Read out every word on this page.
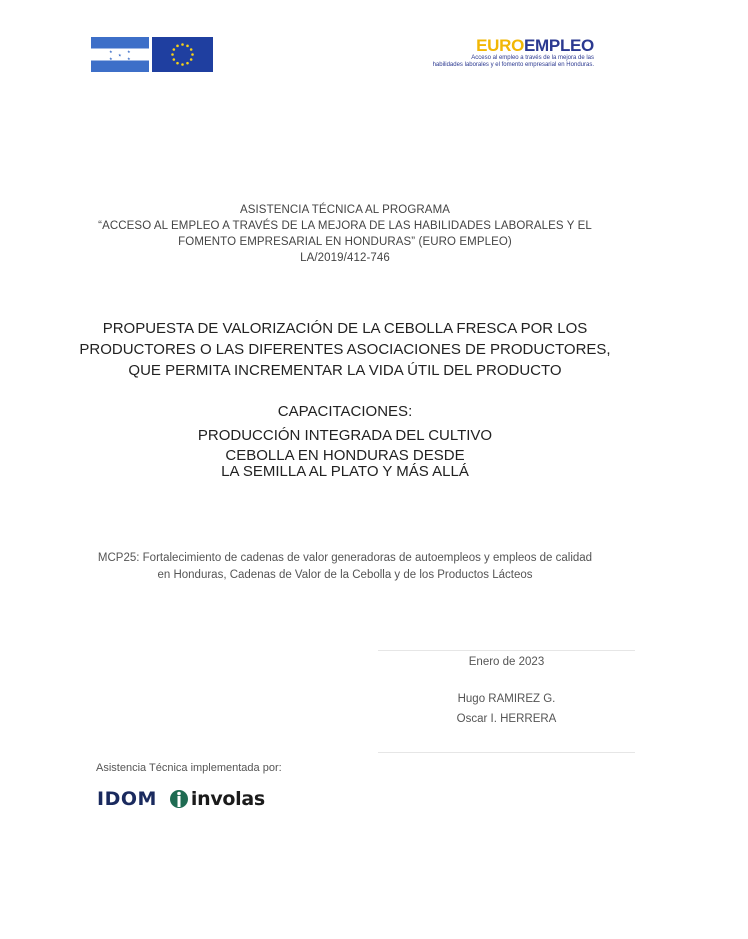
★	★
★
★	★
EUROEMPLEO
Acceso al empleo a través de la mejora de las
habilidades laborales y el fomento empresarial en Honduras.
ASISTENCIA TÉCNICA AL PROGRAMA
“ACCESO AL EMPLEO A TRAVÉS DE LA MEJORA DE LAS HABILIDADES LABORALES Y EL
FOMENTO EMPRESARIAL EN HONDURAS” (EURO EMPLEO)
LA/2019/412-746
PROPUESTA DE VALORIZACIÓN DE LA CEBOLLA FRESCA POR LOS
PRODUCTORES O LAS DIFERENTES ASOCIACIONES DE PRODUCTORES,
QUE PERMITA INCREMENTAR LA VIDA ÚTIL DEL PRODUCTO
CAPACITACIONES:
PRODUCCIÓN INTEGRADA DEL CULTIVO
CEBOLLA EN HONDURAS DESDE
LA SEMILLA AL PLATO Y MÁS ALLÁ
MCP25: Fortalecimiento de cadenas de valor generadoras de autoempleos y empleos de calidad en Honduras, Cadenas de Valor de la Cebolla y de los Productos Lácteos
Enero de 2023
Hugo RAMIREZ G.
Oscar I. HERRERA
Asistencia Técnica implementada por:
IDOM involas
